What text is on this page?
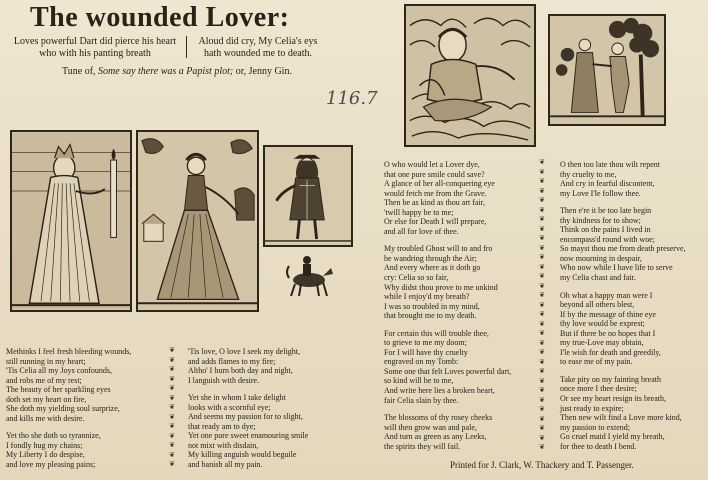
The wounded Lover:
Loves powerful Dart did pierce his heart
who with his panting breath
Aloud did cry, My Celia's eys
hath wounded me to death.
Tune of, Some say there was a Papist plot; or, Jenny Gin.
116.7
Methinks I feel fresh bleeding wounds,
still running in my heart;
'Tis Celia all my Joys confounds,
and robs me of my rest;
The beauty of her sparkling eyes
doth set my heart on fire,
She doth my yielding soul surprize,
and kills me with desire.
Yet tho she doth so tyrannize,
I fondly hug my chains;
My Liberty I do despise,
and love my pleasing pains;
❦
❦
❦
❦
❦
❦
❦
❦
❦
❦
❦
❦
❦

'Tis love, O love I seek my delight,
and adds flames to my fire;
Altho' I burn both day and night,
I languish with desire.
Yet she in whom I take delight
looks with a scornful eye;
And seems my passion for to slight,
that ready am to dye;
Yet one pure sweet enamouring smile
not mixt with disdain,
My killing anguish would beguile
and banish all my pain.
O who would let a Lover dye,
that one pure smile could save?
A glance of her all-conquering eye
would fetch me from the Grave.
Then be as kind as thou art fair,
'twill happy be to me;
Or else for Death I will prepare,
and all for love of thee.
My troubled Ghost will to and fro
be wandring through the Air;
And every where as it doth go
cry: Celia so so fair,
Why didst thou prove to me unkind
while I enjoy'd my breath?
I was so troubled in my mind,
that brought me to my death.
For certain this will trouble thee,
to grieve to me my doom;
For I will have thy cruelty
engraved on my Tomb:
Some one that felt Loves powerful dart,
so kind will be to me,
And write here lies a broken heart,
fair Celia slain by thee.
The blossoms of thy rosey cheeks
will then grow wan and pale,
And turn as green as any Leeks,
the spirits they will fail.
❦
❦
❦
❦
❦
❦
❦
❦
❦
❦
❦
❦
❦
❦
❦
❦
❦
❦
❦
❦
❦
❦
❦
❦
❦
❦
❦
❦
❦
❦
❦

O then too late thou wilt repent
thy cruelty to me,
And cry in fearful discontent,
my Love I'le follow thee.
Then e're it be too late begin
thy kindness for to show;
Think on the pains I lived in
encompass'd round with woe;
So mayst thou me from death preserve,
now mourning in despair,
Who now while I have life to serve
my Celia chast and fair.
Oh what a happy man were I
beyond all others blest,
If by the message of thine eye
thy love would be exprest;
But if there be no hopes that I
my true-Love may obtain,
I'le wish for death and greedily,
to ease me of my pain.
Take pity on my fainting breath
once more I thee desire;
Or see my heart resign its breath,
just ready to expire;
Then new wilt find a Love more kind,
my passion to extend;
Go cruel maid I yield my breath,
for thee to death I bend.
Printed for J. Clark, W. Thackery and T. Passenger.
